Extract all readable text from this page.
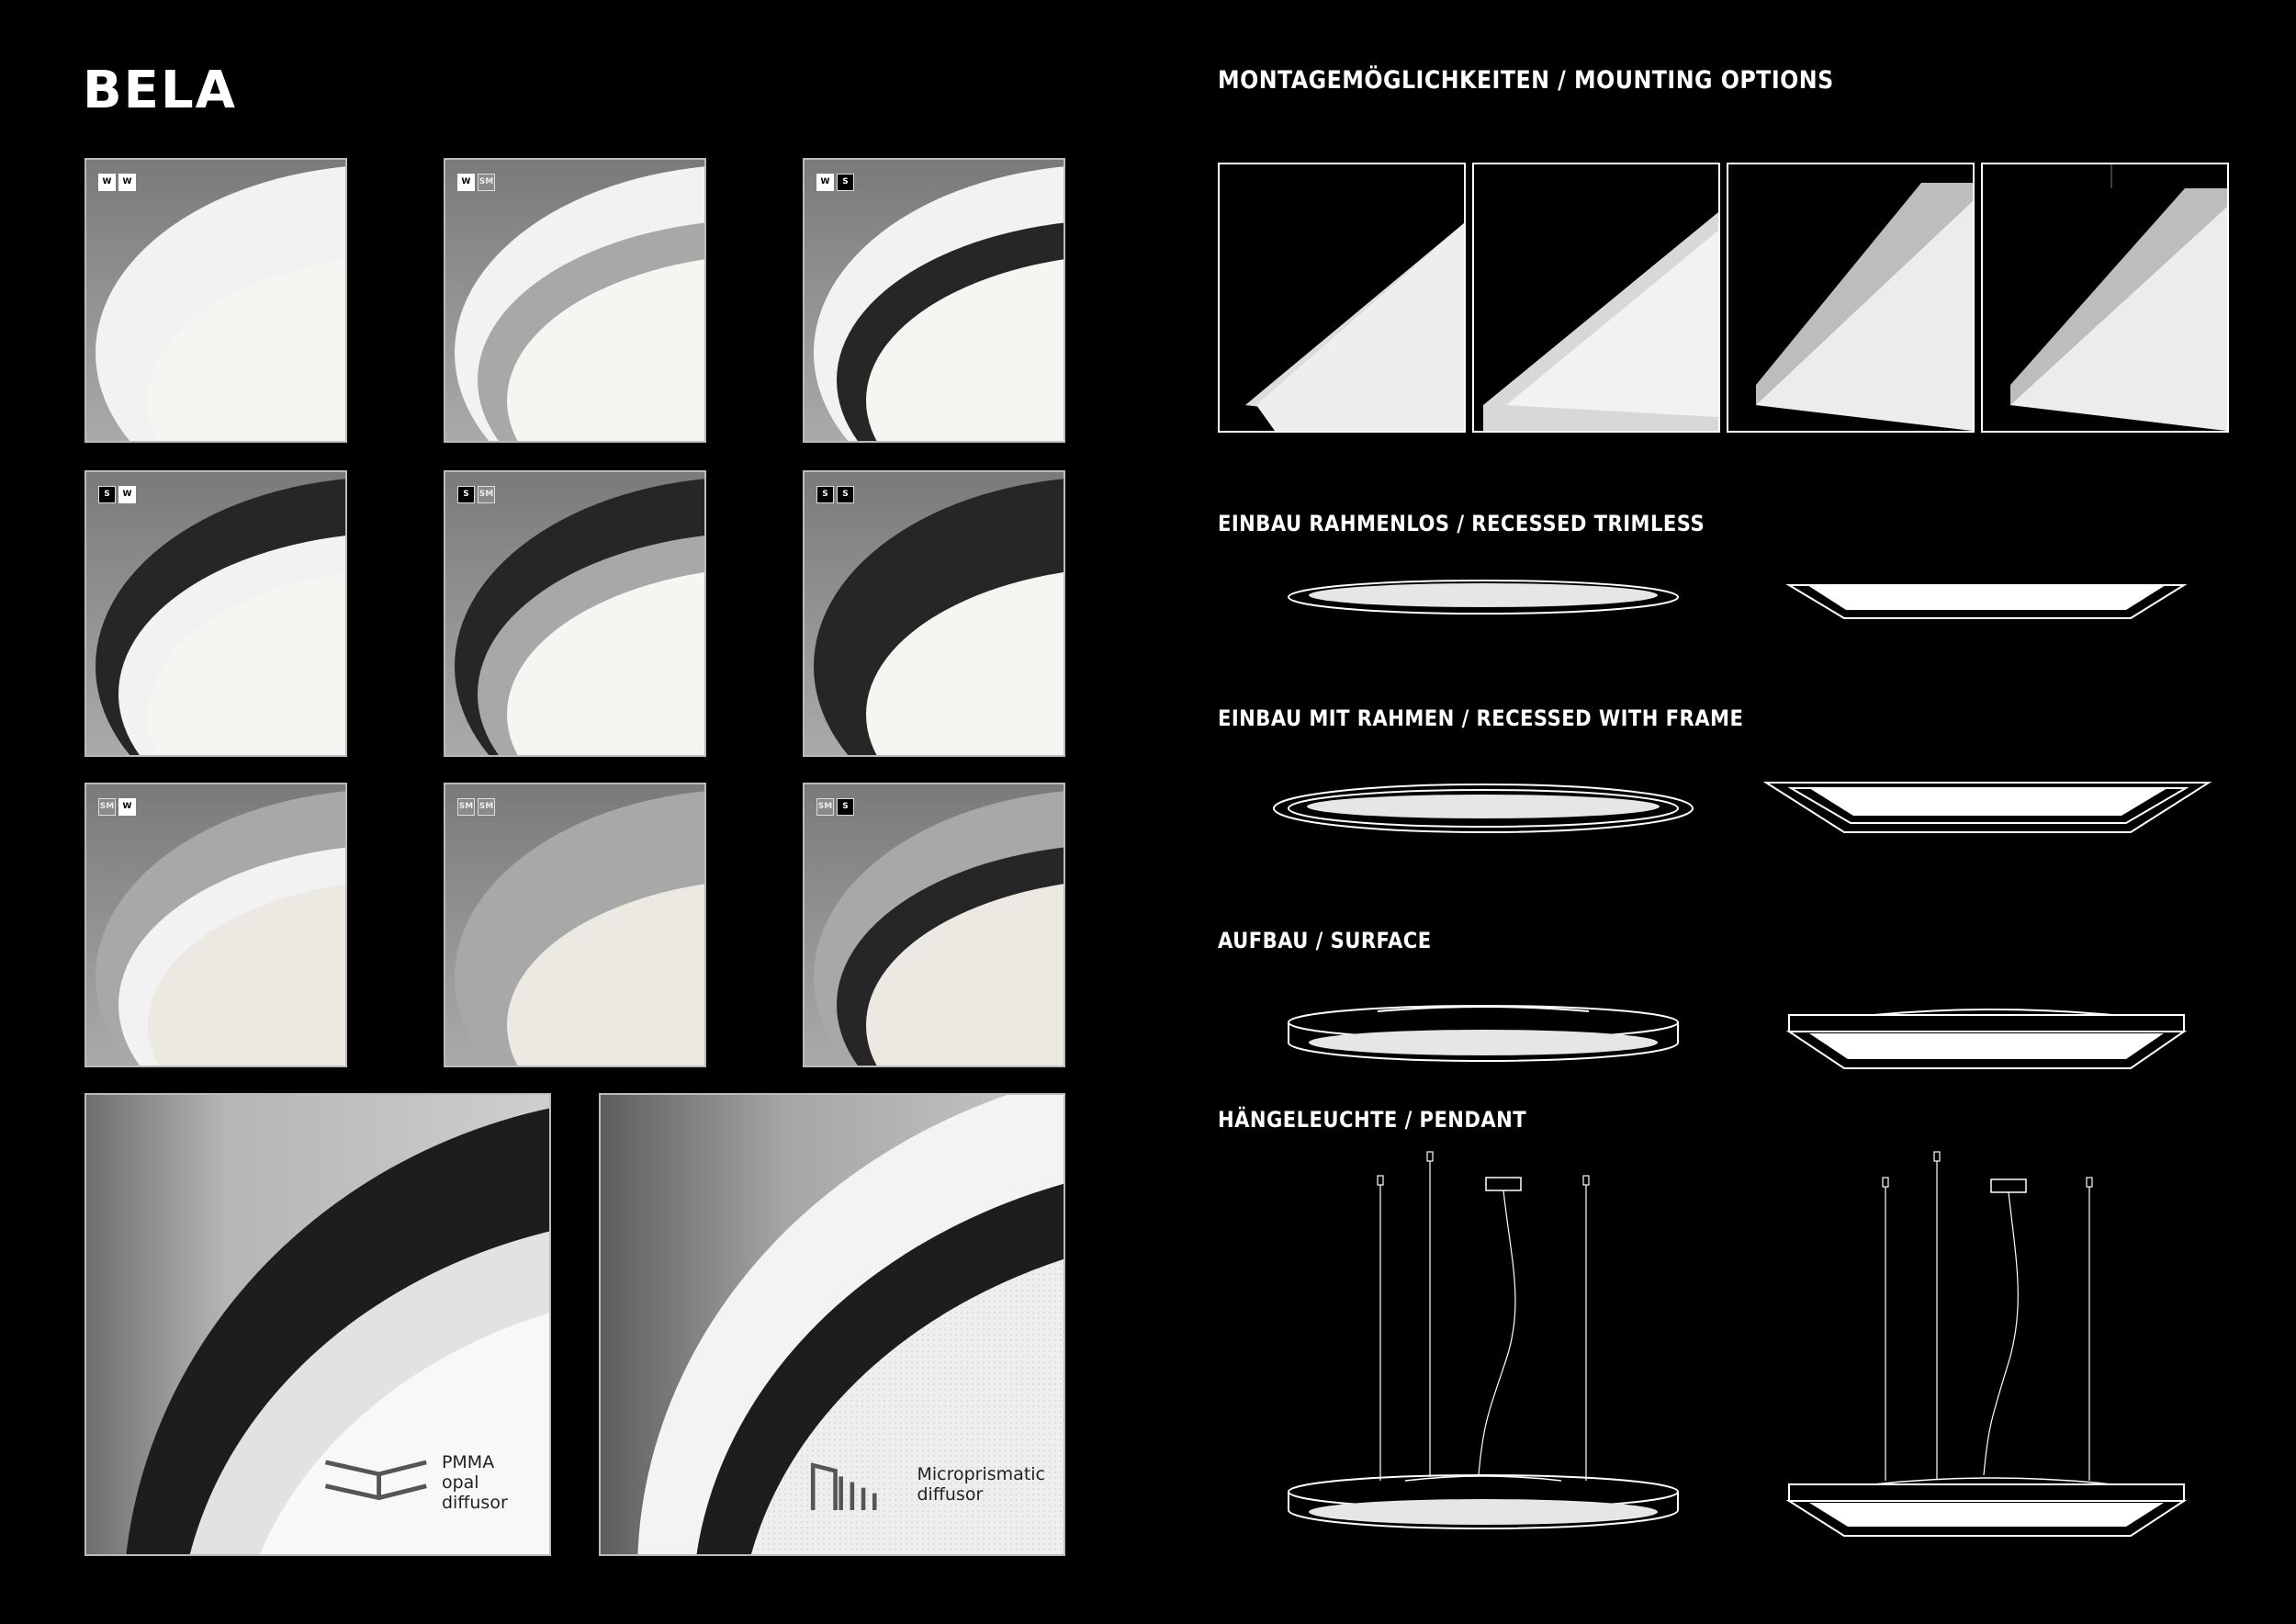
BELA
W	W	W	SM	W	S
S	W	S	SM	S	S
SM	W	SM SM	SM	S
PMMA opal diffusor
Microprismatic diffusor
MONTAGEMÖGLICHKEITEN / MOUNTING OPTIONS
EINBAU RAHMENLOS / RECESSED TRIMLESS
EINBAU MIT RAHMEN / RECESSED WITH FRAME
AUFBAU / SURFACE
HÄNGELEUCHTE / PENDANT
